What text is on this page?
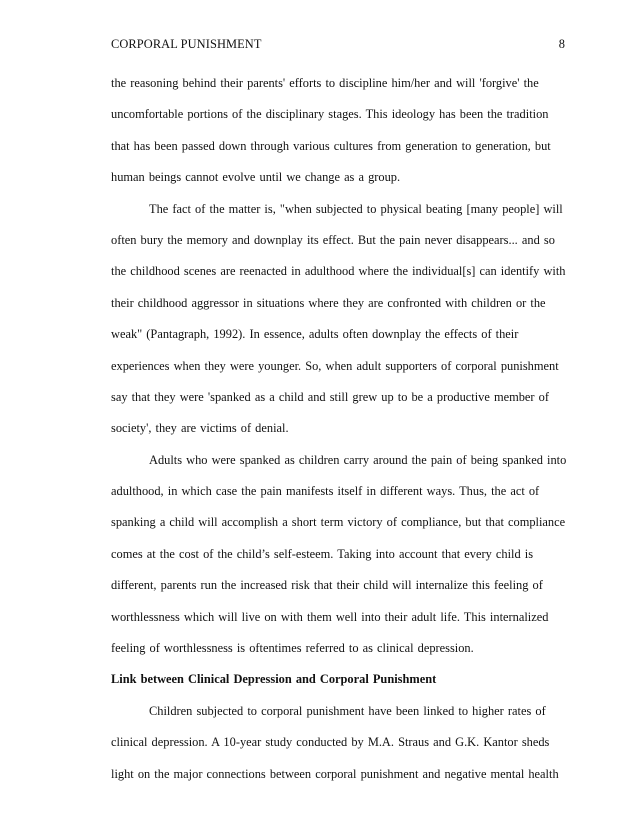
CORPORAL PUNISHMENT	8
the reasoning behind their parents' efforts to discipline him/her and will 'forgive' the
uncomfortable portions of the disciplinary stages. This ideology has been the tradition
that has been passed down through various cultures from generation to generation, but
human beings cannot evolve until we change as a group.
The fact of the matter is, "when subjected to physical beating [many people] will
often bury the memory and downplay its effect. But the pain never disappears... and so
the childhood scenes are reenacted in adulthood where the individual[s] can identify with
their childhood aggressor in situations where they are confronted with children or the
weak" (Pantagraph, 1992). In essence, adults often downplay the effects of their
experiences when they were younger. So, when adult supporters of corporal punishment
say that they were 'spanked as a child and still grew up to be a productive member of
society', they are victims of denial.
Adults who were spanked as children carry around the pain of being spanked into
adulthood, in which case the pain manifests itself in different ways. Thus, the act of
spanking a child will accomplish a short term victory of compliance, but that compliance
comes at the cost of the child’s self-esteem. Taking into account that every child is
different, parents run the increased risk that their child will internalize this feeling of
worthlessness which will live on with them well into their adult life. This internalized
feeling of worthlessness is oftentimes referred to as clinical depression.
Link between Clinical Depression and Corporal Punishment
Children subjected to corporal punishment have been linked to higher rates of
clinical depression. A 10-year study conducted by M.A. Straus and G.K. Kantor sheds
light on the major connections between corporal punishment and negative mental health
